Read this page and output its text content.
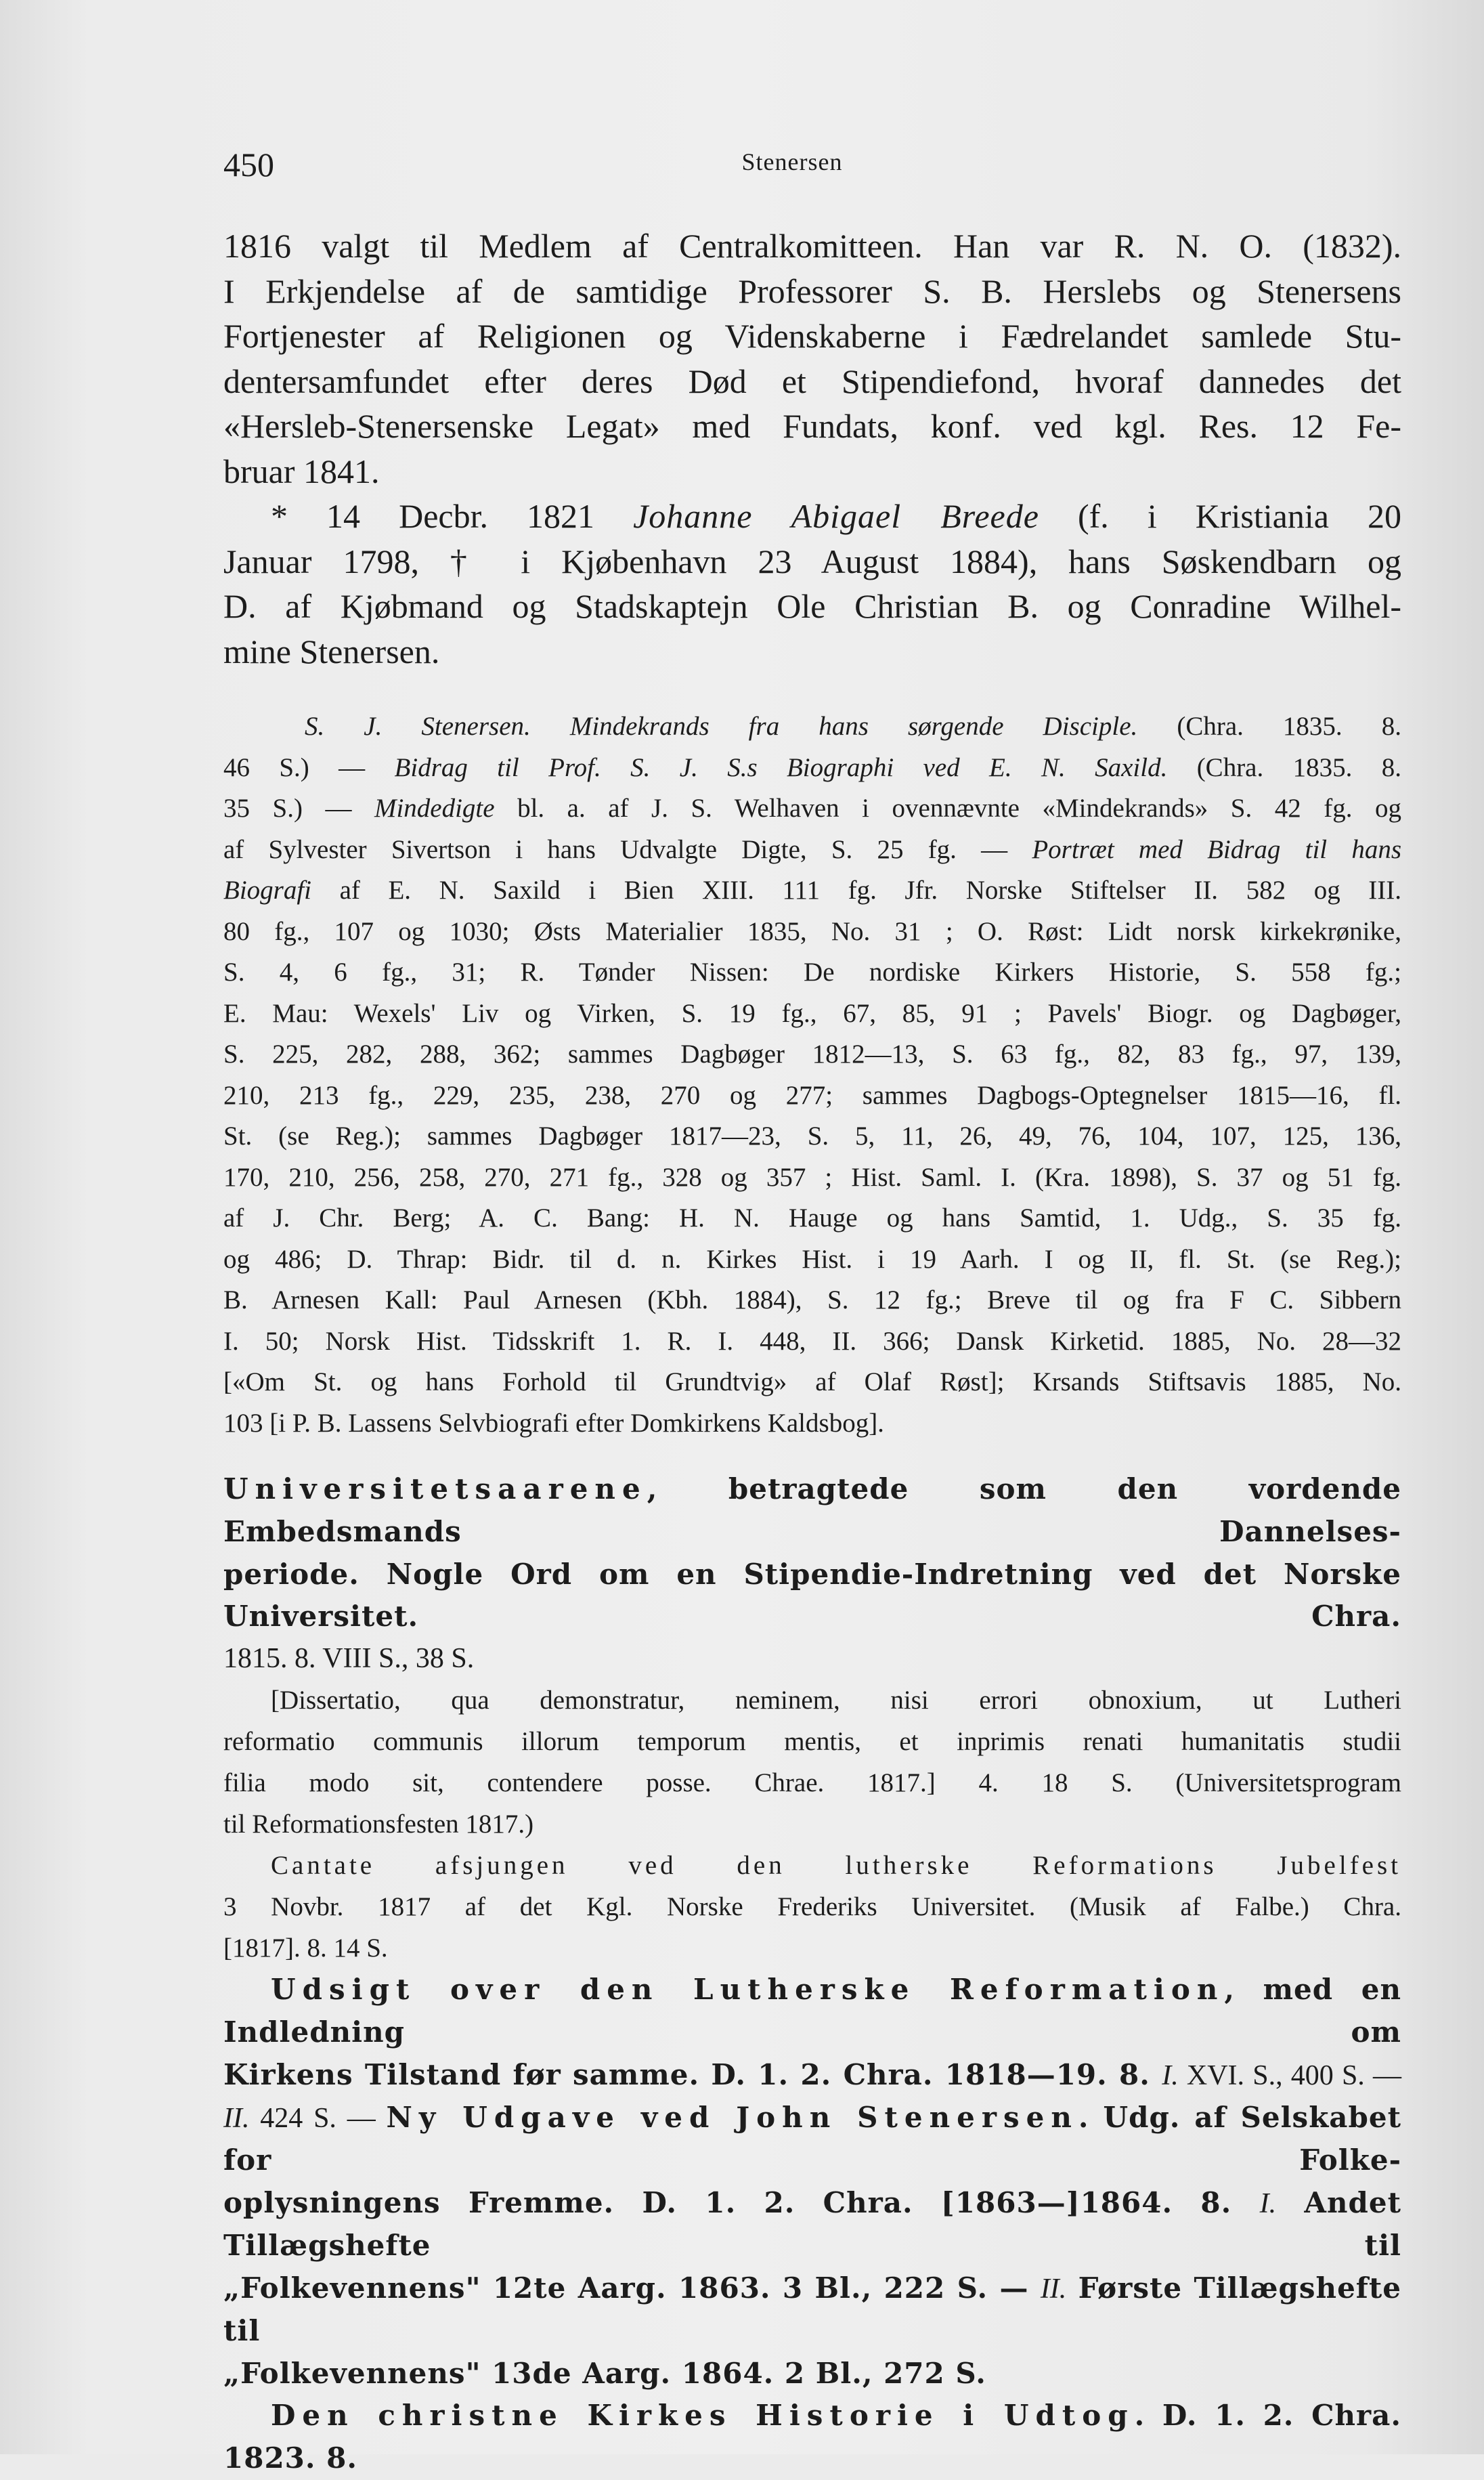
450	Stenersen

1816 valgt til Medlem af Centralkomitteen. Han var R. N. O. (1832).

I Erkjendelse af de samtidige Professorer S. B. Herslebs og Stenersens

Fortjenester af Religionen og Videnskaberne i Fædrelandet samlede Stu-

dentersamfundet efter deres Død et Stipendiefond, hvoraf dannedes det

«Hersleb-Stenersenske Legat» med Fundats, konf. ved kgl. Res. 12 Fe-

bruar 1841.

* 14 Decbr. 1821 Johanne Abigael Breede (f. i Kristiania 20

Januar 1798, † i Kjøbenhavn 23 August 1884), hans Søskendbarn og

D. af Kjøbmand og Stadskaptejn Ole Christian B. og Conradine Wilhel-

mine Stenersen.

S. J. Stenersen. Mindekrands fra hans sørgende Disciple. (Chra. 1835. 8.

46 S.) — Bidrag til Prof. S. J. S.s Biographi ved E. N. Saxild. (Chra. 1835. 8.

35 S.) — Mindedigte bl. a. af J. S. Welhaven i ovennævnte «Mindekrands» S. 42 fg. og

af Sylvester Sivertson i hans Udvalgte Digte, S. 25 fg. — Portræt med Bidrag til hans

Biografi af E. N. Saxild i Bien XIII. 111 fg. Jfr. Norske Stiftelser II. 582 og III.

80 fg., 107 og 1030; Østs Materialier 1835, No. 31 ; O. Røst: Lidt norsk kirkekrønike,

S. 4, 6 fg., 31; R. Tønder Nissen: De nordiske Kirkers Historie, S. 558 fg.;

E. Mau: Wexels' Liv og Virken, S. 19 fg., 67, 85, 91 ; Pavels' Biogr. og Dagbøger,

S. 225, 282, 288, 362; sammes Dagbøger 1812—13, S. 63 fg., 82, 83 fg., 97, 139,

210, 213 fg., 229, 235, 238, 270 og 277; sammes Dagbogs-Optegnelser 1815—16, fl.

St. (se Reg.); sammes Dagbøger 1817—23, S. 5, 11, 26, 49, 76, 104, 107, 125, 136,

170, 210, 256, 258, 270, 271 fg., 328 og 357 ; Hist. Saml. I. (Kra. 1898), S. 37 og 51 fg.

af J. Chr. Berg; A. C. Bang: H. N. Hauge og hans Samtid, 1. Udg., S. 35 fg.

og 486; D. Thrap: Bidr. til d. n. Kirkes Hist. i 19 Aarh. I og II, fl. St. (se Reg.);

B. Arnesen Kall: Paul Arnesen (Kbh. 1884), S. 12 fg.; Breve til og fra F C. Sibbern

I. 50; Norsk Hist. Tidsskrift 1. R. I. 448, II. 366; Dansk Kirketid. 1885, No. 28—32

[«Om St. og hans Forhold til Grundtvig» af Olaf Røst]; Krsands Stiftsavis 1885, No.

103 [i P. B. Lassens Selvbiografi efter Domkirkens Kaldsbog].

Universitetsaarene, betragtede som den vordende Embedsmands Dannelses-

periode. Nogle Ord om en Stipendie-Indretning ved det Norske Universitet. Chra.

1815. 8. VIII S., 38 S.

[Dissertatio, qua demonstratur, neminem, nisi errori obnoxium, ut Lutheri

reformatio communis illorum temporum mentis, et inprimis renati humanitatis studii

filia modo sit, contendere posse. Chrae. 1817.] 4. 18 S. (Universitetsprogram

til Reformationsfesten 1817.)

Cantate afsjungen ved den lutherske Reformations Jubelfest

3 Novbr. 1817 af det Kgl. Norske Frederiks Universitet. (Musik af Falbe.) Chra.

[1817]. 8. 14 S.

Udsigt over den Lutherske Reformation, med en Indledning om

Kirkens Tilstand før samme. D. 1. 2. Chra. 1818—19. 8. I. XVI. S., 400 S. —

II. 424 S. — Ny Udgave ved John Stenersen. Udg. af Selskabet for Folke-

oplysningens Fremme. D. 1. 2. Chra. [1863—]1864. 8. I. Andet Tillægshefte til

„Folkevennens" 12te Aarg. 1863. 3 Bl., 222 S. — II. Første Tillægshefte til

„Folkevennens" 13de Aarg. 1864. 2 Bl., 272 S.

Den christne Kirkes Historie i Udtog. D. 1. 2. Chra. 1823. 8.
